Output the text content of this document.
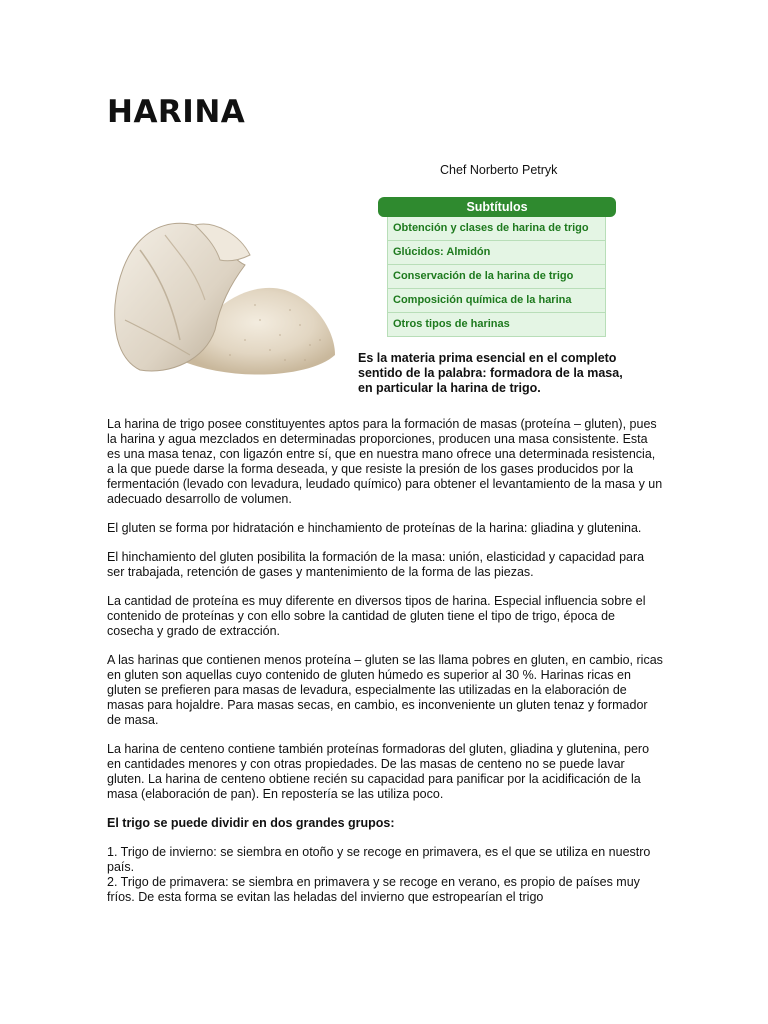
HARINA
Chef Norberto Petryk
Subtítulos
Obtención y clases de harina de trigo
Glúcidos: Almidón
Conservación de la harina de trigo
Composición química de la harina
Otros tipos de harinas
Es la materia prima esencial en el completo
sentido de la palabra: formadora de la masa,
en particular la harina de trigo.

La harina de trigo posee constituyentes aptos para la formación de masas (proteína – gluten), pues la harina y agua mezclados en determinadas proporciones, producen una masa consistente. Esta es una masa tenaz, con ligazón entre sí, que en nuestra mano ofrece una determinada resistencia, a la que puede darse la forma deseada, y que resiste la presión de los gases producidos por la fermentación (levado con levadura, leudado químico) para obtener el levantamiento de la masa y un adecuado desarrollo de volumen.

El gluten se forma por hidratación e hinchamiento de proteínas de la harina: gliadina y glutenina.

El hinchamiento del gluten posibilita la formación de la masa: unión, elasticidad y capacidad para ser trabajada, retención de gases y mantenimiento de la forma de las piezas.

La cantidad de proteína es muy diferente en diversos tipos de harina. Especial influencia sobre el contenido de proteínas y con ello sobre la cantidad de gluten tiene el tipo de trigo, época de cosecha y grado de extracción.

A las harinas que contienen menos proteína – gluten se las llama pobres en gluten, en cambio, ricas en gluten son aquellas cuyo contenido de gluten húmedo es superior al 30 %. Harinas ricas en gluten se prefieren para masas de levadura, especialmente las utilizadas en la elaboración de masas para hojaldre. Para masas secas, en cambio, es inconveniente un gluten tenaz y formador de masa.

La harina de centeno contiene también proteínas formadoras del gluten, gliadina y glutenina, pero en cantidades menores y con otras propiedades. De las masas de centeno no se puede lavar gluten. La harina de centeno obtiene recién su capacidad para panificar por la acidificación de la masa (elaboración de pan). En repostería se las utiliza poco.

El trigo se puede dividir en dos grandes grupos:

1. Trigo de invierno: se siembra en otoño y se recoge en primavera, es el que se utiliza en nuestro país.

2. Trigo de primavera: se siembra en primavera y se recoge en verano, es propio de países muy fríos. De esta forma se evitan las heladas del invierno que estropearían el trigo
